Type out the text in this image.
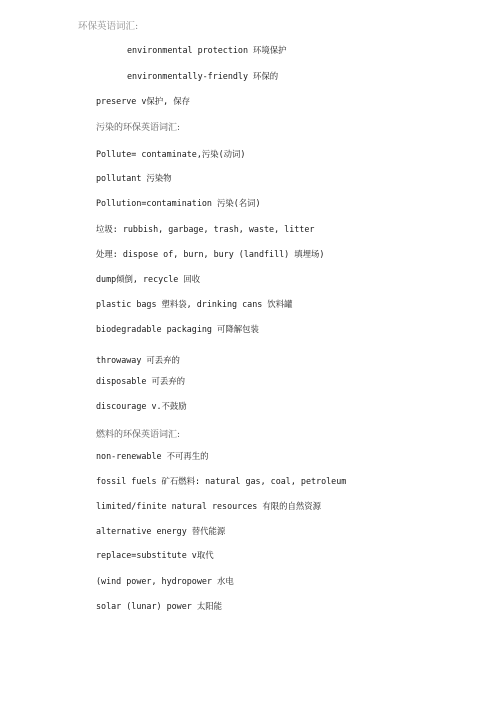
环保英语词汇:
environmental protection 环境保护
environmentally-friendly 环保的
preserve v保护, 保存
污染的环保英语词汇:
Pollute= contaminate,污染(动词)
pollutant 污染物
Pollution=contamination 污染(名词)
垃圾: rubbish, garbage, trash, waste, litter
处理: dispose of, burn, bury (landfill) 填埋场)
dump倾倒, recycle 回收
plastic bags 塑料袋, drinking cans 饮料罐
biodegradable packaging 可降解包装
throwaway 可丢弃的
disposable 可丢弃的
discourage v.不鼓励
燃料的环保英语词汇:
non-renewable 不可再生的
fossil fuels 矿石燃料: natural gas, coal, petroleum
limited/finite natural resources 有限的自然资源
alternative energy 替代能源
replace=substitute v取代
(wind power, hydropower 水电
solar (lunar) power 太阳能
